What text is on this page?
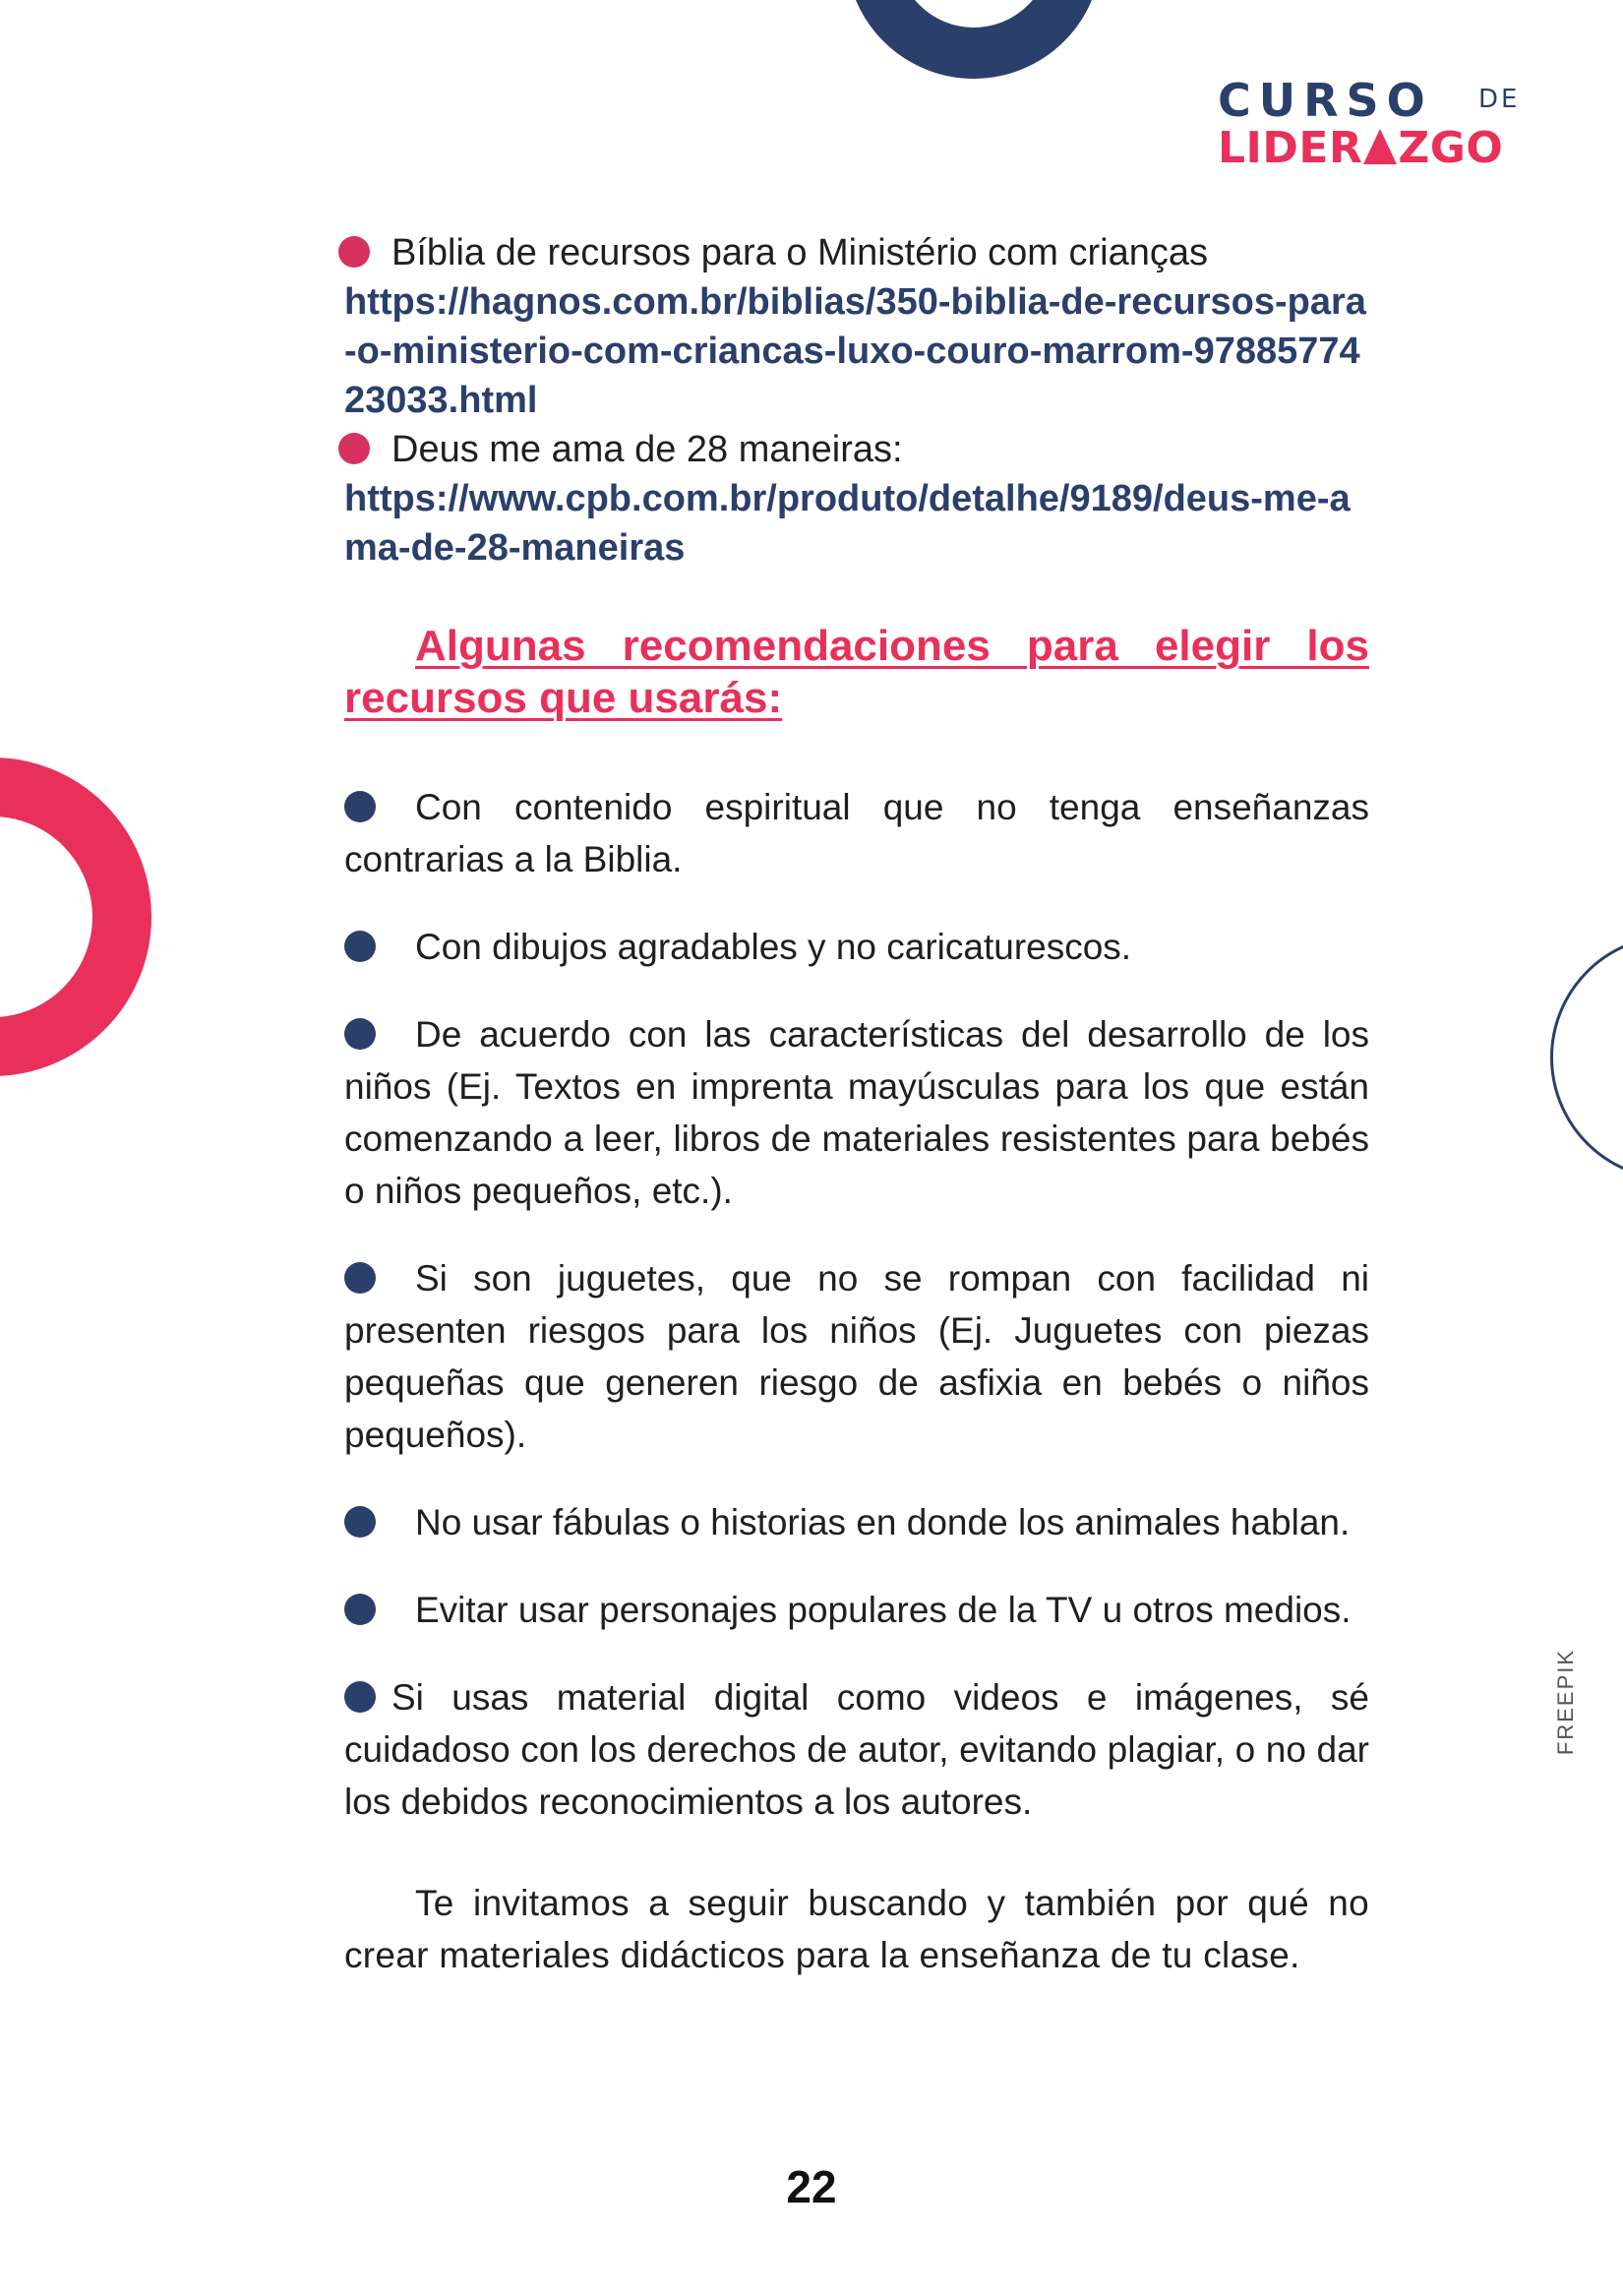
CURSO DE
LIDER ZGO

Bíblia de recursos para o Ministério com crianças

https://hagnos.com.br/biblias/350-biblia-de-recursos-para-o-ministerio-com-criancas-luxo-couro-marrom-9788577423033.html

Deus me ama de 28 maneiras:

https://www.cpb.com.br/produto/detalhe/9189/deus-me-ama-de-28-maneiras

Algunas recomendaciones para elegir los recursos que usarás:

Con contenido espiritual que no tenga enseñanzas contrarias a la Biblia.

Con dibujos agradables y no caricaturescos.

De acuerdo con las características del desarrollo de los niños (Ej. Textos en imprenta mayúsculas para los que están comenzando a leer, libros de materiales resistentes para bebés o niños pequeños, etc.).

Si son juguetes, que no se rompan con facilidad ni presenten riesgos para los niños (Ej. Juguetes con piezas pequeñas que generen riesgo de asfixia en bebés o niños pequeños).

No usar fábulas o historias en donde los animales hablan.

Evitar usar personajes populares de la TV u otros medios.

Si usas material digital como videos e imágenes, sé cuidadoso con los derechos de autor, evitando plagiar, o no dar los debidos reconocimientos a los autores.

Te invitamos a seguir buscando y también por qué no crear materiales didácticos para la enseñanza de tu clase.

22
FREEPIK
